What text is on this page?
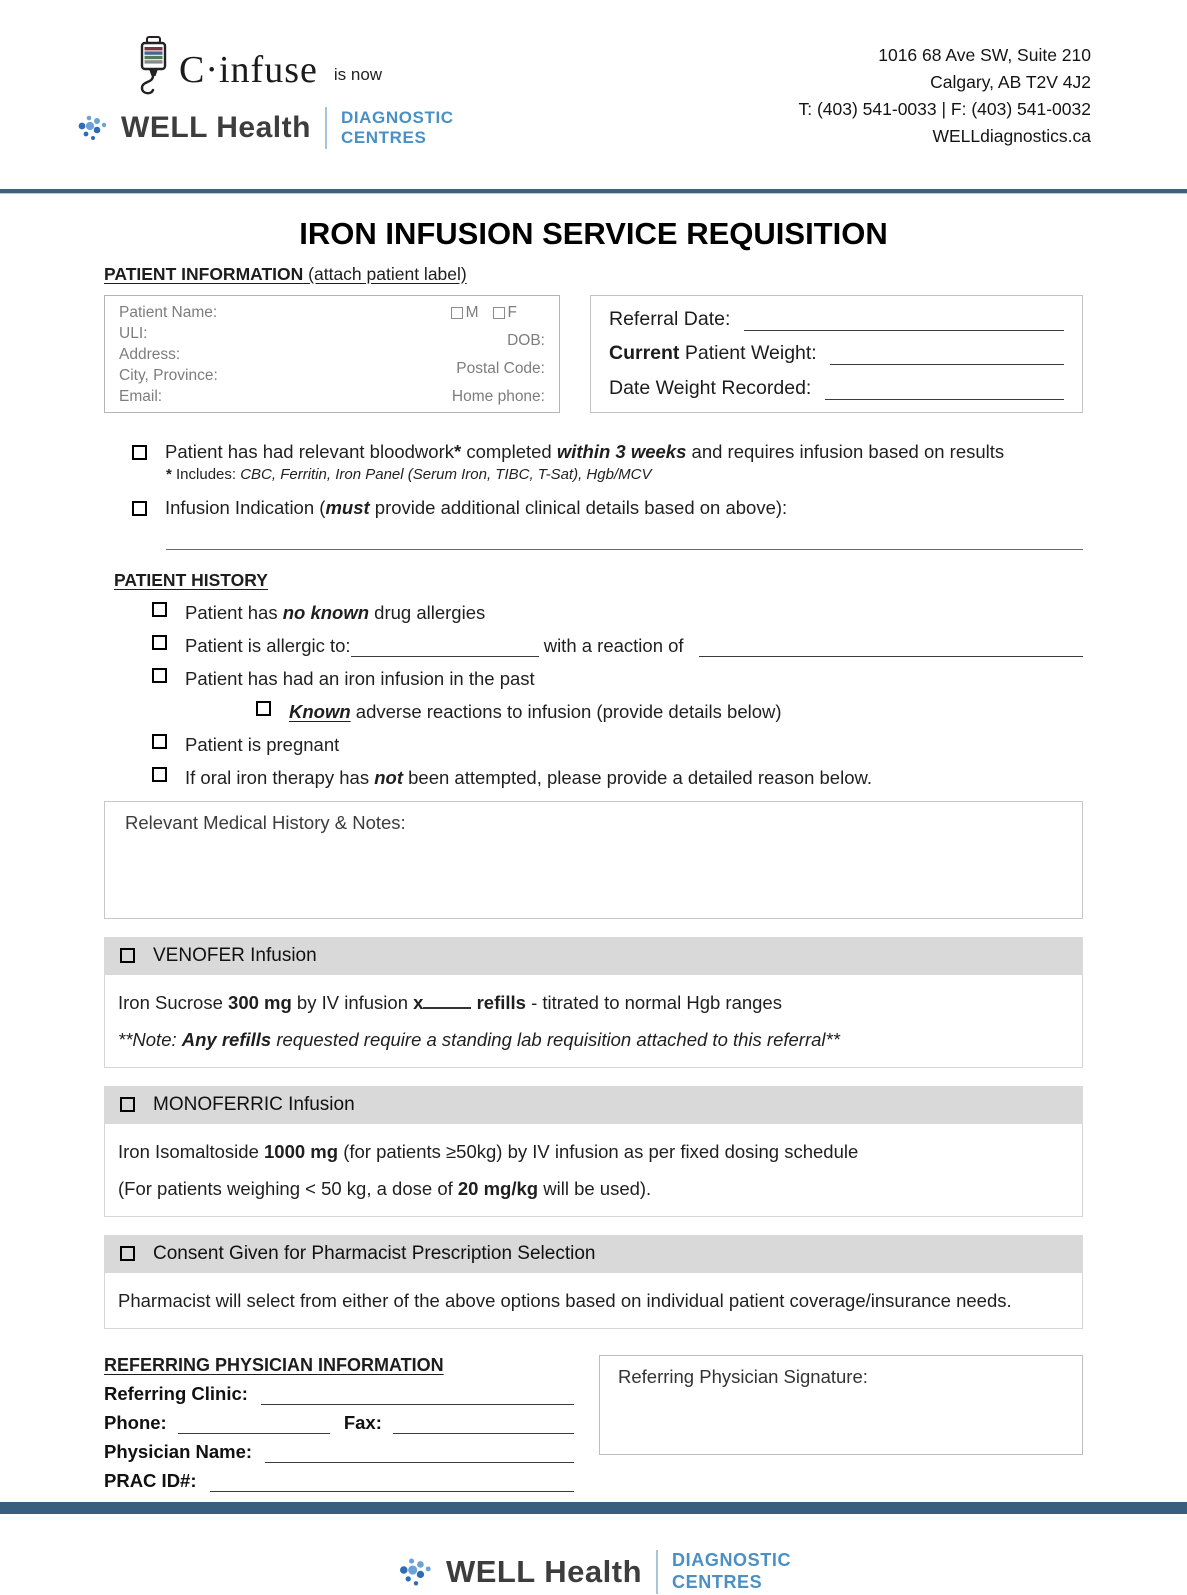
C·infuse is now
WELL Health DIAGNOSTIC
CENTRES
1016 68 Ave SW, Suite 210
Calgary, AB T2V 4J2
T: (403) 541-0033 | F: (403) 541-0032
WELLdiagnostics.ca
IRON INFUSION SERVICE REQUISITION
PATIENT INFORMATION (attach patient label)
Patient Name:
ULI:
Address:
City, Province:
Email:
M F
DOB:
Postal Code:
Home phone:
Referral Date:
Current Patient Weight:
Date Weight Recorded:
Patient has had relevant bloodwork* completed within 3 weeks and requires infusion based on results
* Includes: CBC, Ferritin, Iron Panel (Serum Iron, TIBC, T-Sat), Hgb/MCV
Infusion Indication (must provide additional clinical details based on above):
PATIENT HISTORY
Patient has no known drug allergies
Patient is allergic to:	with a reaction of
Patient has had an iron infusion in the past
Known adverse reactions to infusion (provide details below)
Patient is pregnant
If oral iron therapy has not been attempted, please provide a detailed reason below.
Relevant Medical History & Notes:
VENOFER Infusion
Iron Sucrose 300 mg by IV infusion x	refills - titrated to normal Hgb ranges
**Note: Any refills requested require a standing lab requisition attached to this referral**
MONOFERRIC Infusion
Iron Isomaltoside 1000 mg (for patients ≥50kg) by IV infusion as per fixed dosing schedule
(For patients weighing < 50 kg, a dose of 20 mg/kg will be used).
Consent Given for Pharmacist Prescription Selection
Pharmacist will select from either of the above options based on individual patient coverage/insurance needs.
REFERRING PHYSICIAN INFORMATION
Referring Clinic:
Phone:	Fax:
Physician Name:
PRAC ID#:
Referring Physician Signature:
WELL Health DIAGNOSTIC
CENTRES
